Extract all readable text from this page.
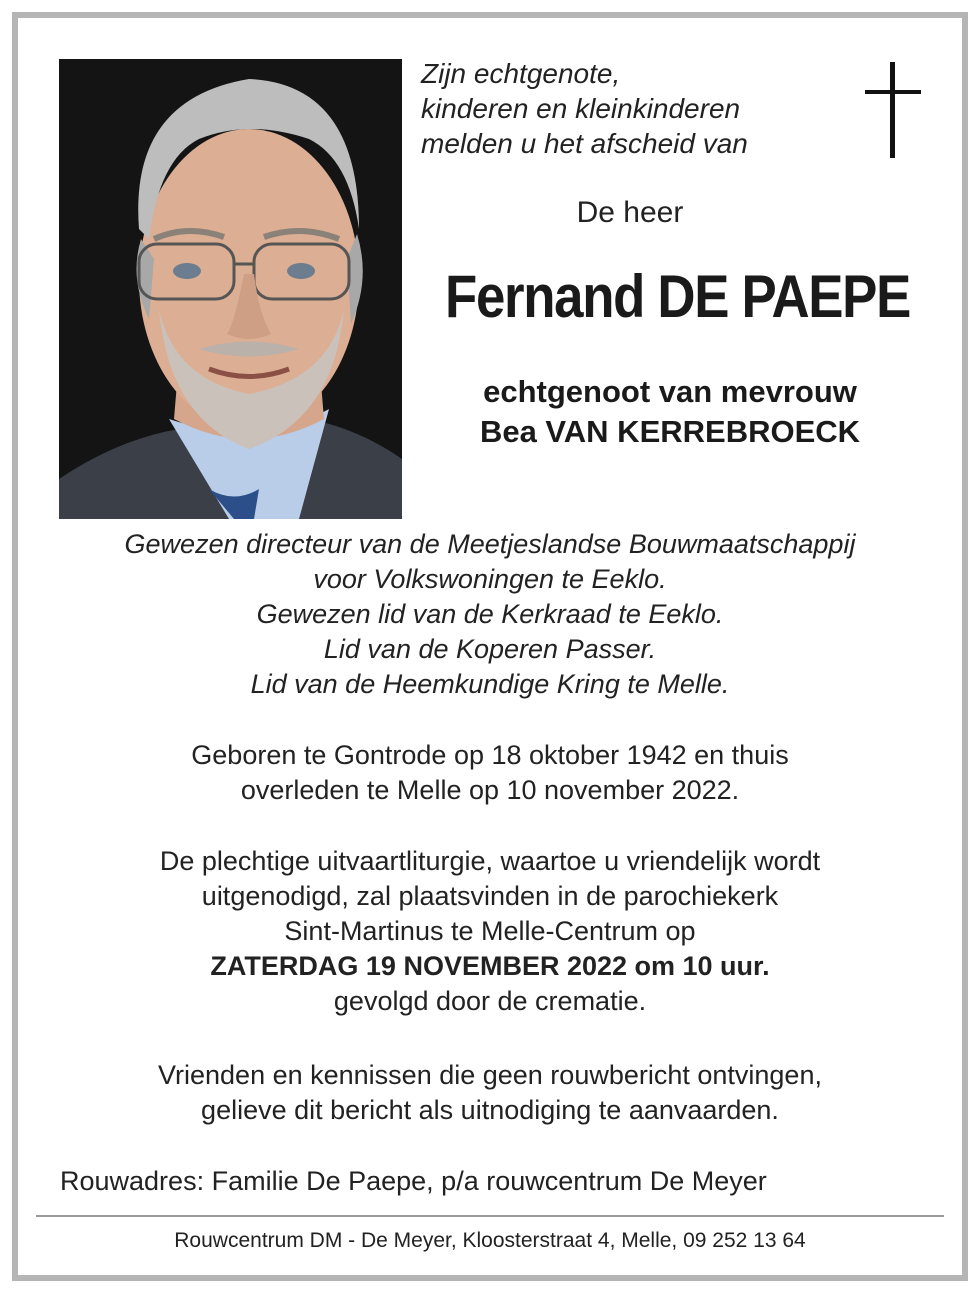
Zijn echtgenote,
kinderen en kleinkinderen
melden u het afscheid van
De heer
Fernand DE PAEPE
echtgenoot van mevrouw
Bea VAN KERREBROECK
Gewezen directeur van de Meetjeslandse Bouwmaatschappij
voor Volkswoningen te Eeklo.
Gewezen lid van de Kerkraad te Eeklo.
Lid van de Koperen Passer.
Lid van de Heemkundige Kring te Melle.
Geboren te Gontrode op 18 oktober 1942 en thuis
overleden te Melle op 10 november 2022.
De plechtige uitvaartliturgie, waartoe u vriendelijk wordt
uitgenodigd, zal plaatsvinden in de parochiekerk
Sint-Martinus te Melle-Centrum op
ZATERDAG 19 NOVEMBER 2022 om 10 uur.
gevolgd door de crematie.
Vrienden en kennissen die geen rouwbericht ontvingen,
gelieve dit bericht als uitnodiging te aanvaarden.
Rouwadres: Familie De Paepe, p/a rouwcentrum De Meyer
Rouwcentrum DM - De Meyer, Kloosterstraat 4, Melle, 09 252 13 64
